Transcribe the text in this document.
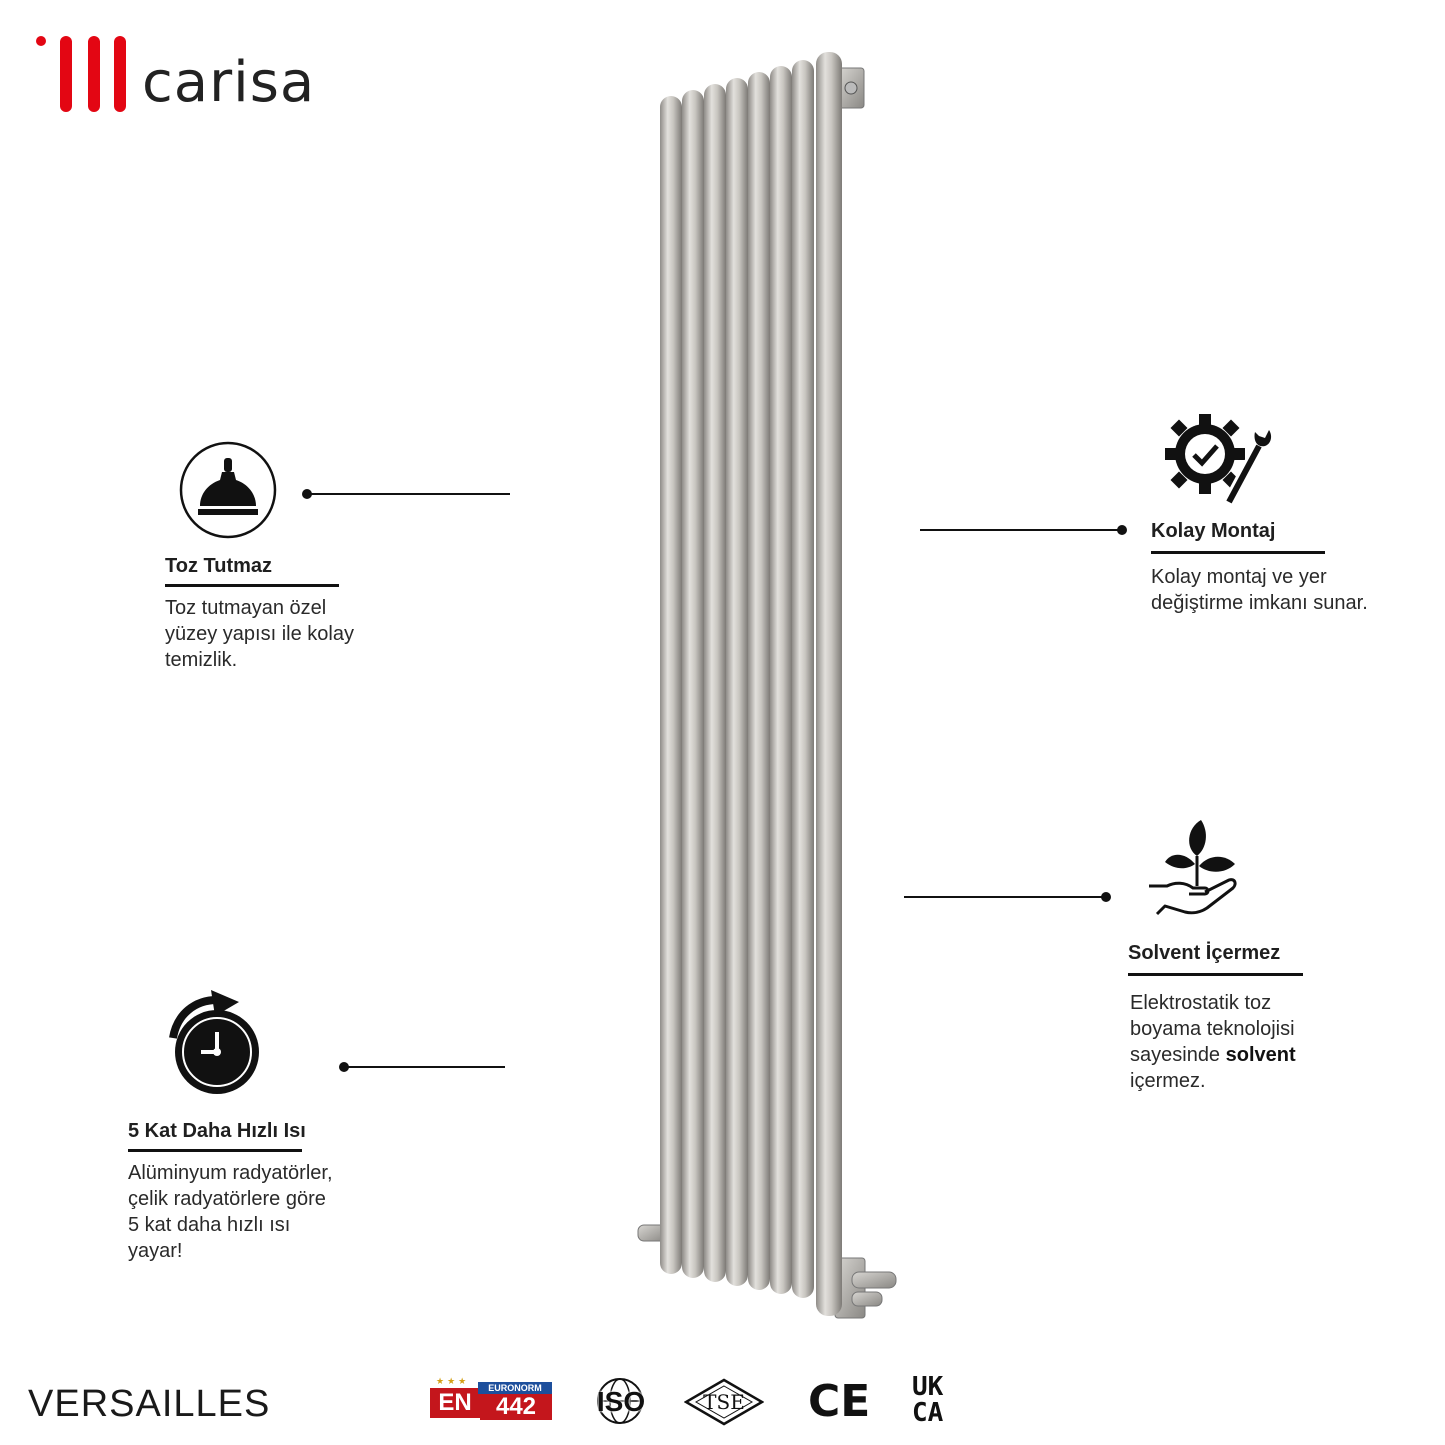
carisa

Toz Tutmaz

Toz tutmayan özel
yüzey yapısı ile kolay
temizlik.

5 Kat Daha Hızlı Isı

Alüminyum radyatörler,
çelik radyatörlere göre
5 kat daha hızlı ısı
yayar!

Kolay Montaj

Kolay montaj ve yer
değiştirme imkanı sunar.

Solvent İçermez

Elektrostatik toz
boyama teknolojisi
sayesinde solvent
içermez.

VERSAILLES
★★★
EN
EURONORM
442	ISO	TSE	CE UK
CA
